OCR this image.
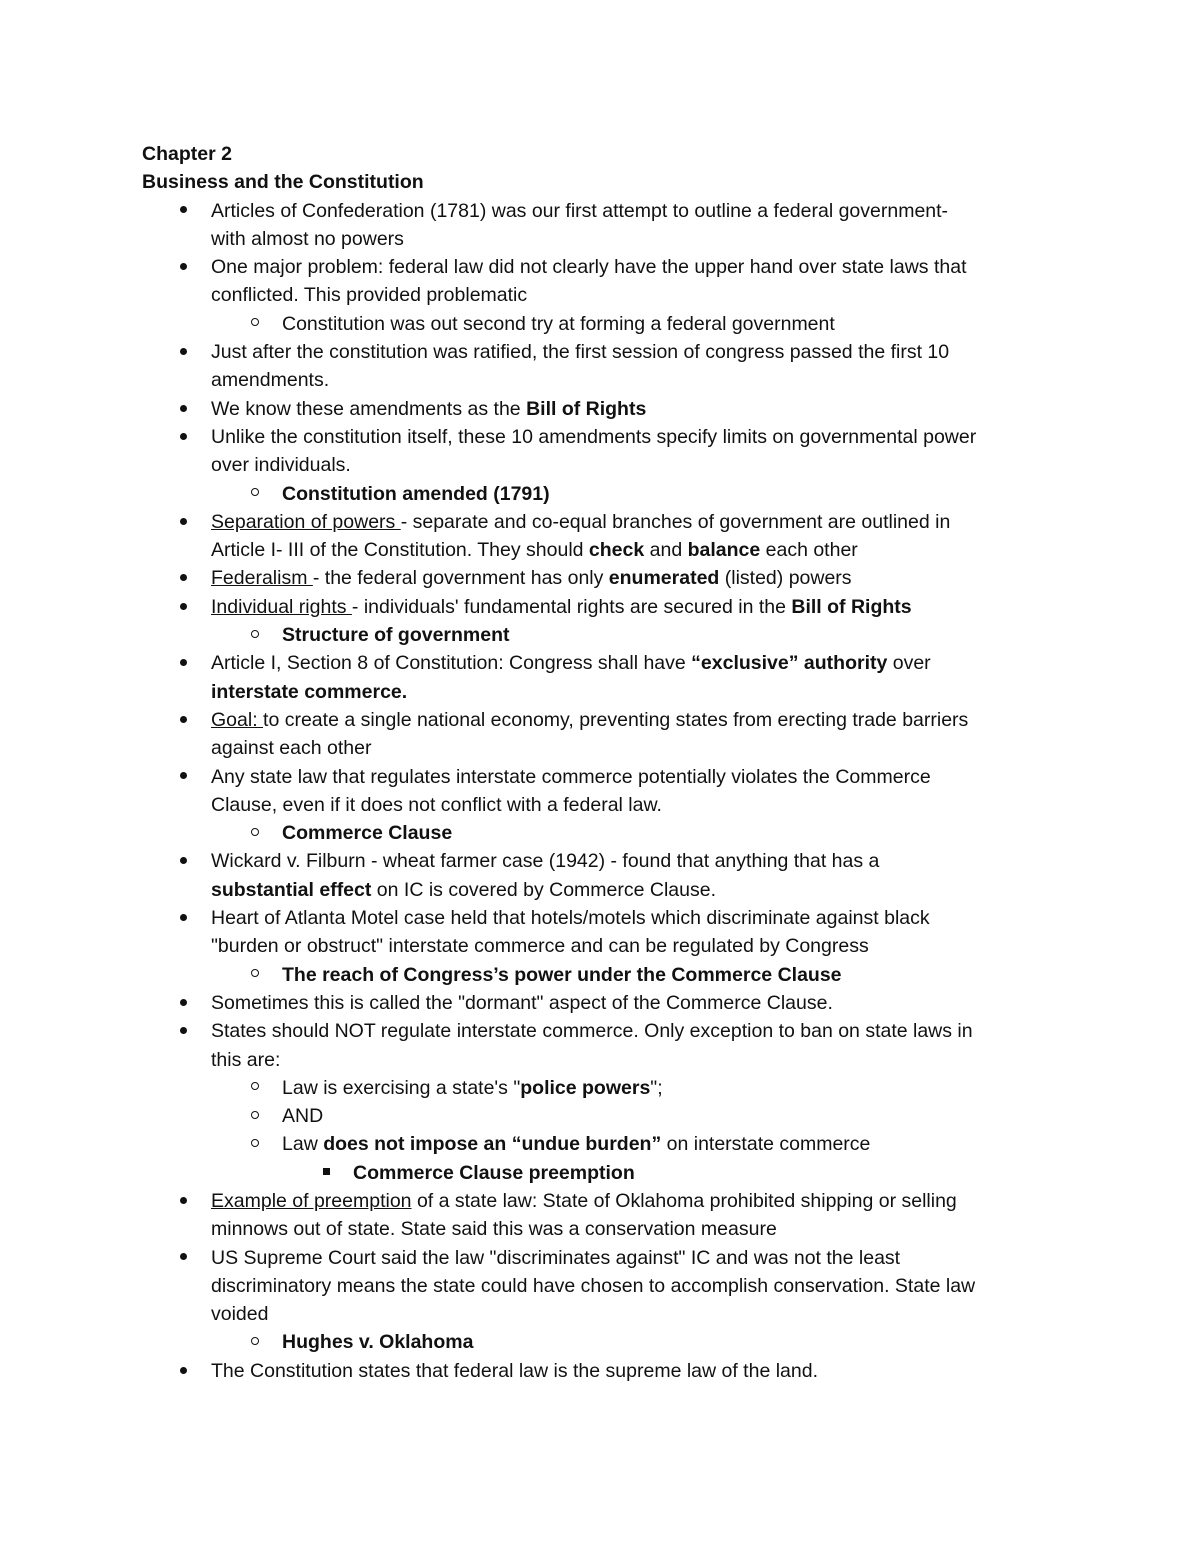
Chapter 2
Business and the Constitution
Articles of Confederation (1781) was our first attempt to outline a federal government-
with almost no powers
One major problem: federal law did not clearly have the upper hand over state laws that
conflicted. This provided problematic
Constitution was out second try at forming a federal government
Just after the constitution was ratified, the first session of congress passed the first 10
amendments.
We know these amendments as the Bill of Rights
Unlike the constitution itself, these 10 amendments specify limits on governmental power
over individuals.
Constitution amended (1791)
Separation of powers - separate and co-equal branches of government are outlined in
Article I- III of the Constitution. They should check and balance each other
Federalism - the federal government has only enumerated (listed) powers
Individual rights - individuals' fundamental rights are secured in the Bill of Rights
Structure of government
Article I, Section 8 of Constitution: Congress shall have “exclusive” authority over
interstate commerce.
Goal: to create a single national economy, preventing states from erecting trade barriers
against each other
Any state law that regulates interstate commerce potentially violates the Commerce
Clause, even if it does not conflict with a federal law.
Commerce Clause
Wickard v. Filburn - wheat farmer case (1942) - found that anything that has a
substantial effect on IC is covered by Commerce Clause.
Heart of Atlanta Motel case held that hotels/motels which discriminate against black
"burden or obstruct" interstate commerce and can be regulated by Congress
The reach of Congress’s power under the Commerce Clause
Sometimes this is called the "dormant" aspect of the Commerce Clause.
States should NOT regulate interstate commerce. Only exception to ban on state laws in
this are:
Law is exercising a state's "police powers";
AND
Law does not impose an “undue burden” on interstate commerce
Commerce Clause preemption
Example of preemption of a state law: State of Oklahoma prohibited shipping or selling
minnows out of state. State said this was a conservation measure
US Supreme Court said the law "discriminates against" IC and was not the least
discriminatory means the state could have chosen to accomplish conservation. State law
voided
Hughes v. Oklahoma
The Constitution states that federal law is the supreme law of the land.
